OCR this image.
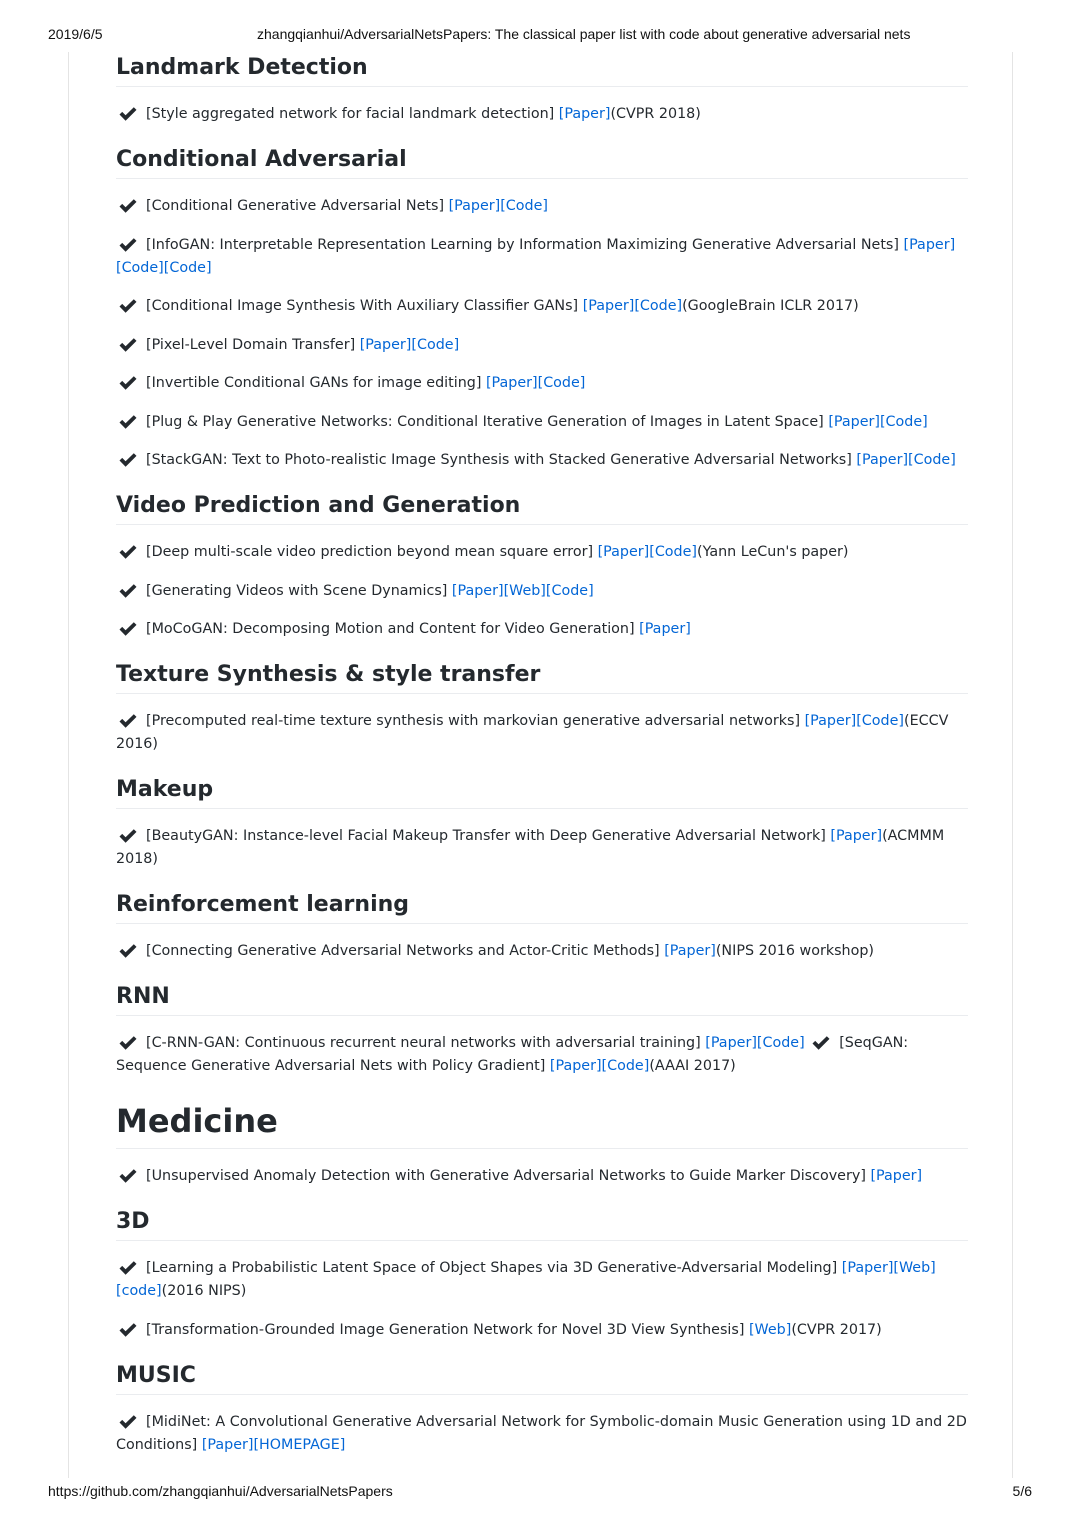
2019/6/5	zhangqianhui/AdversarialNetsPapers: The classical paper list with code about generative adversarial nets
Landmark Detection

[Style aggregated network for facial landmark detection] [Paper](CVPR 2018)

Conditional Adversarial

[Conditional Generative Adversarial Nets] [Paper][Code]

[InfoGAN: Interpretable Representation Learning by Information Maximizing Generative Adversarial Nets] [Paper][Code][Code]

[Conditional Image Synthesis With Auxiliary Classifier GANs] [Paper][Code](GoogleBrain ICLR 2017)

[Pixel-Level Domain Transfer] [Paper][Code]

[Invertible Conditional GANs for image editing] [Paper][Code]

[Plug & Play Generative Networks: Conditional Iterative Generation of Images in Latent Space] [Paper][Code]

[StackGAN: Text to Photo-realistic Image Synthesis with Stacked Generative Adversarial Networks] [Paper][Code]

Video Prediction and Generation

[Deep multi-scale video prediction beyond mean square error] [Paper][Code](Yann LeCun's paper)

[Generating Videos with Scene Dynamics] [Paper][Web][Code]

[MoCoGAN: Decomposing Motion and Content for Video Generation] [Paper]

Texture Synthesis & style transfer

[Precomputed real-time texture synthesis with markovian generative adversarial networks] [Paper][Code](ECCV 2016)

Makeup

[BeautyGAN: Instance-level Facial Makeup Transfer with Deep Generative Adversarial Network] [Paper](ACMMM 2018)

Reinforcement learning

[Connecting Generative Adversarial Networks and Actor-Critic Methods] [Paper](NIPS 2016 workshop)

RNN

[C-RNN-GAN: Continuous recurrent neural networks with adversarial training] [Paper][Code] [SeqGAN: Sequence Generative Adversarial Nets with Policy Gradient] [Paper][Code](AAAI 2017)

Medicine

[Unsupervised Anomaly Detection with Generative Adversarial Networks to Guide Marker Discovery] [Paper]

3D

[Learning a Probabilistic Latent Space of Object Shapes via 3D Generative-Adversarial Modeling] [Paper][Web][code](2016 NIPS)

[Transformation-Grounded Image Generation Network for Novel 3D View Synthesis] [Web](CVPR 2017)

MUSIC

[MidiNet: A Convolutional Generative Adversarial Network for Symbolic-domain Music Generation using 1D and 2D Conditions] [Paper][HOMEPAGE]

https://github.com/zhangqianhui/AdversarialNetsPapers	5/6
